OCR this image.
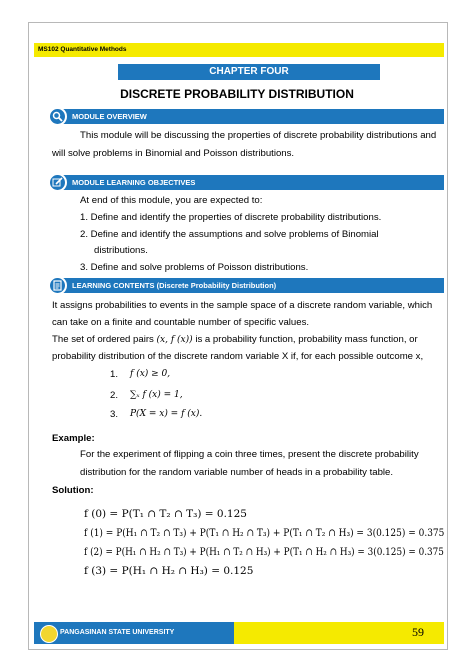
MS102 Quantitative Methods
CHAPTER FOUR
DISCRETE PROBABILITY DISTRIBUTION
MODULE OVERVIEW
This module will be discussing the properties of discrete probability distributions and
will solve problems in Binomial and Poisson distributions.
MODULE LEARNING OBJECTIVES
At end of this module, you are expected to:
1. Define and identify the properties of discrete probability distributions.
2. Define and identify the assumptions and solve problems of Binomial
distributions.
3. Define and solve problems of Poisson distributions.
LEARNING CONTENTS (Discrete Probability Distribution)
It assigns probabilities to events in the sample space of a discrete random variable, which
can take on a finite and countable number of specific values.
The set of ordered pairs (x, f (x)) is a probability function, probability mass function, or
probability distribution of the discrete random variable X if, for each possible outcome x,
1. f (x) ≥ 0,
2. ∑ₓ f (x) = 1,
3. P(X = x) = f (x).
Example:
For the experiment of flipping a coin three times, present the discrete probability
distribution for the random variable number of heads in a probability table.
Solution:
f (0) = P(T₁ ∩ T₂ ∩ T₃) = 0.125
f (1) = P(H₁ ∩ T₂ ∩ T₃) + P(T₁ ∩ H₂ ∩ T₃) + P(T₁ ∩ T₂ ∩ H₃) = 3(0.125) = 0.375
f (2) = P(H₁ ∩ H₂ ∩ T₃) + P(H₁ ∩ T₂ ∩ H₃) + P(T₁ ∩ H₂ ∩ H₃) = 3(0.125) = 0.375
f (3) = P(H₁ ∩ H₂ ∩ H₃) = 0.125
PANGASINAN STATE UNIVERSITY	59
